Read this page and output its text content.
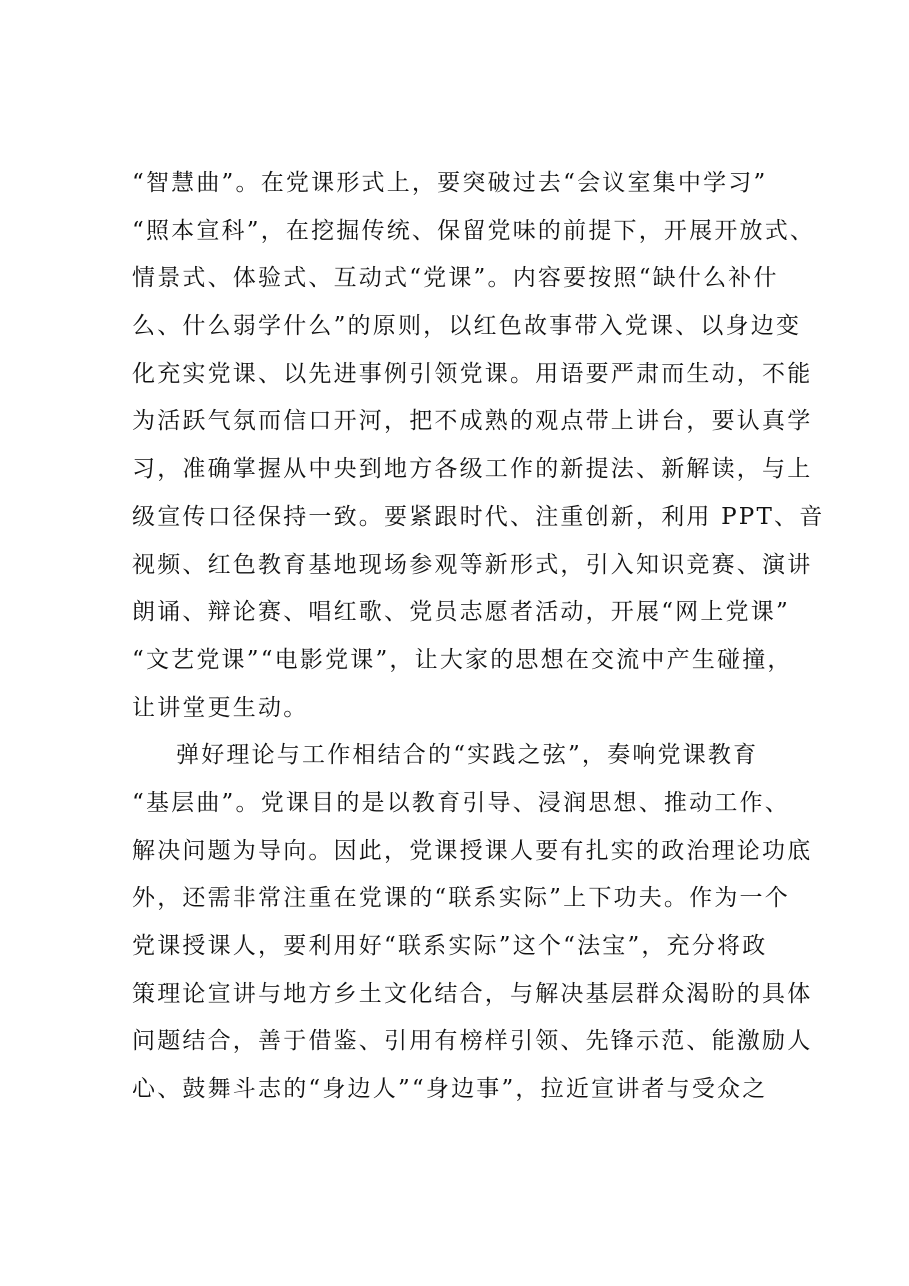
“智慧曲”。在党课形式上，要突破过去“会议室集中学习”
“照本宣科”，在挖掘传统、保留党味的前提下，开展开放式、
情景式、体验式、互动式“党课”。内容要按照“缺什么补什
么、什么弱学什么”的原则，以红色故事带入党课、以身边变
化充实党课、以先进事例引领党课。用语要严肃而生动，不能
为活跃气氛而信口开河，把不成熟的观点带上讲台，要认真学
习，准确掌握从中央到地方各级工作的新提法、新解读，与上
级宣传口径保持一致。要紧跟时代、注重创新，利用 PPT、音
视频、红色教育基地现场参观等新形式，引入知识竞赛、演讲
朗诵、辩论赛、唱红歌、党员志愿者活动，开展“网上党课”
“文艺党课”“电影党课”，让大家的思想在交流中产生碰撞，
让讲堂更生动。
弹好理论与工作相结合的“实践之弦”，奏响党课教育
“基层曲”。党课目的是以教育引导、浸润思想、推动工作、
解决问题为导向。因此，党课授课人要有扎实的政治理论功底
外，还需非常注重在党课的“联系实际”上下功夫。作为一个
党课授课人，要利用好“联系实际”这个“法宝”，充分将政
策理论宣讲与地方乡土文化结合，与解决基层群众渴盼的具体
问题结合，善于借鉴、引用有榜样引领、先锋示范、能激励人
心、鼓舞斗志的“身边人”“身边事”，拉近宣讲者与受众之
